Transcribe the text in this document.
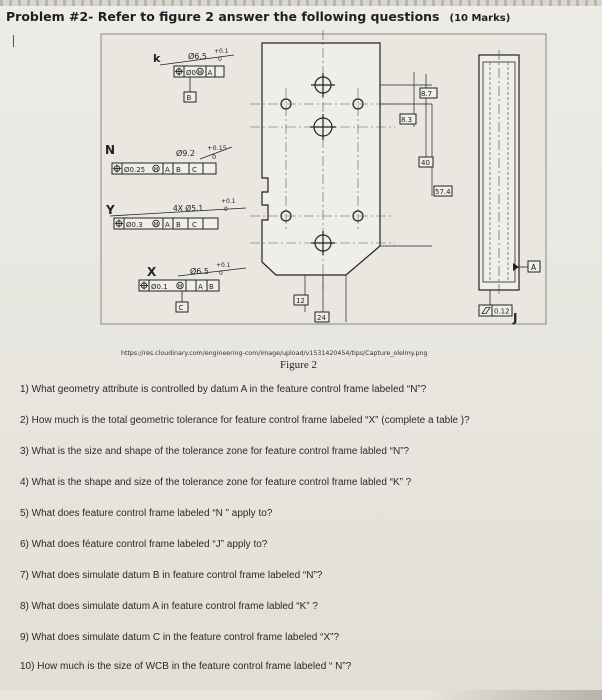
Problem #2- Refer to figure 2 answer the following questions (10 Marks)
k	Ø6.5
+0.1
0
Ø0 M A
B
N	Ø9.2
+0.15
0
Ø0.25 M A B C
Y	4X Ø5.1
+0.1
0
Ø0.3 M A B C
X	Ø6.5
+0.1
0
Ø0.1 M A B
C
8.7
8.3
40
57.4
12
24
A
0.12 J
https://res.cloudinary.com/engineering-com/image/upload/v1531420454/tips/Capture_olelmy.png
Figure 2
1) What geometry attribute is controlled by datum A in the feature control frame labeled “N”?
2) How much is the total geometric tolerance for feature control frame labeled “X” (complete a table )?
3) What is the size and shape of the tolerance zone for feature control frame labled “N”?
4) What is the shape and size of the tolerance zone for feature control frame labled “K” ?
5) What does feature control frame labeled “N ” apply to?
6) What does féature control frame labeled “J” apply to?
7) What does simulate datum B in feature control frame labeled “N”?
8) What does simulate datum A in feature control frame labled “K” ?
9) What does simulate datum C in the feature control frame labeled “X”?
10) How much is the size of WCB in the feature control frame labeled “ N”?
